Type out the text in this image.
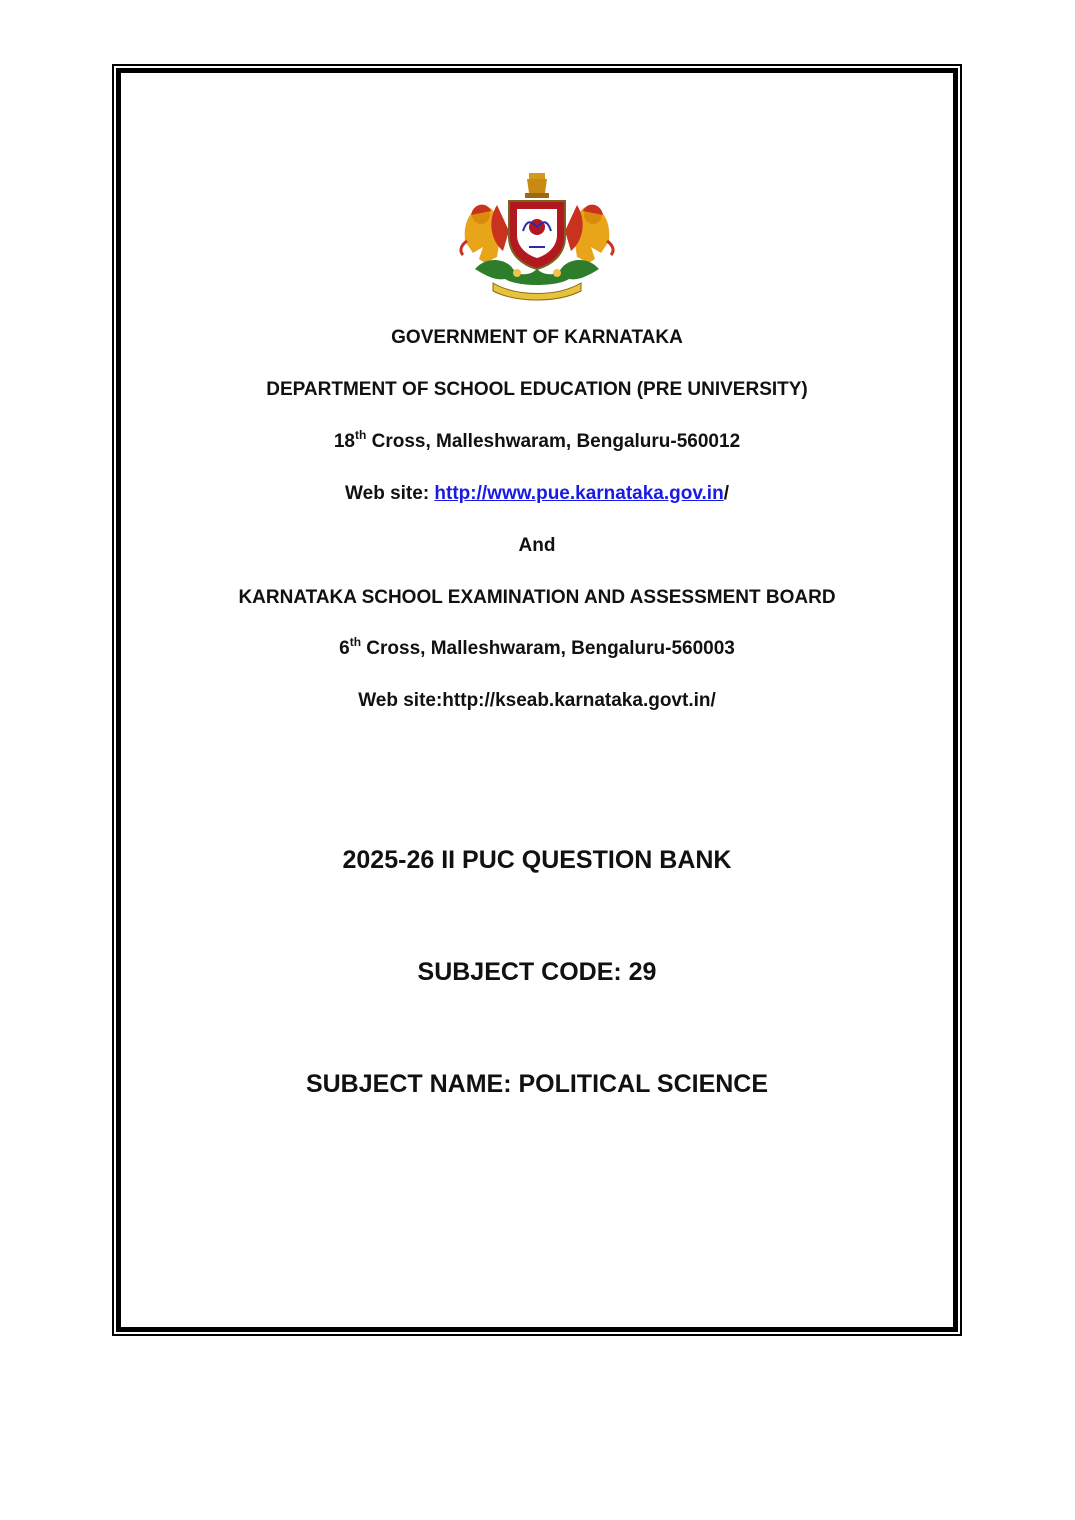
GOVERNMENT OF KARNATAKA
DEPARTMENT OF SCHOOL EDUCATION (PRE UNIVERSITY)
18th Cross, Malleshwaram, Bengaluru-560012
Web site: http://www.pue.karnataka.gov.in/
And
KARNATAKA SCHOOL EXAMINATION AND ASSESSMENT BOARD
6th Cross, Malleshwaram, Bengaluru-560003
Web site:http://kseab.karnataka.govt.in/
2025-26 II PUC QUESTION BANK
SUBJECT CODE: 29
SUBJECT NAME: POLITICAL SCIENCE
